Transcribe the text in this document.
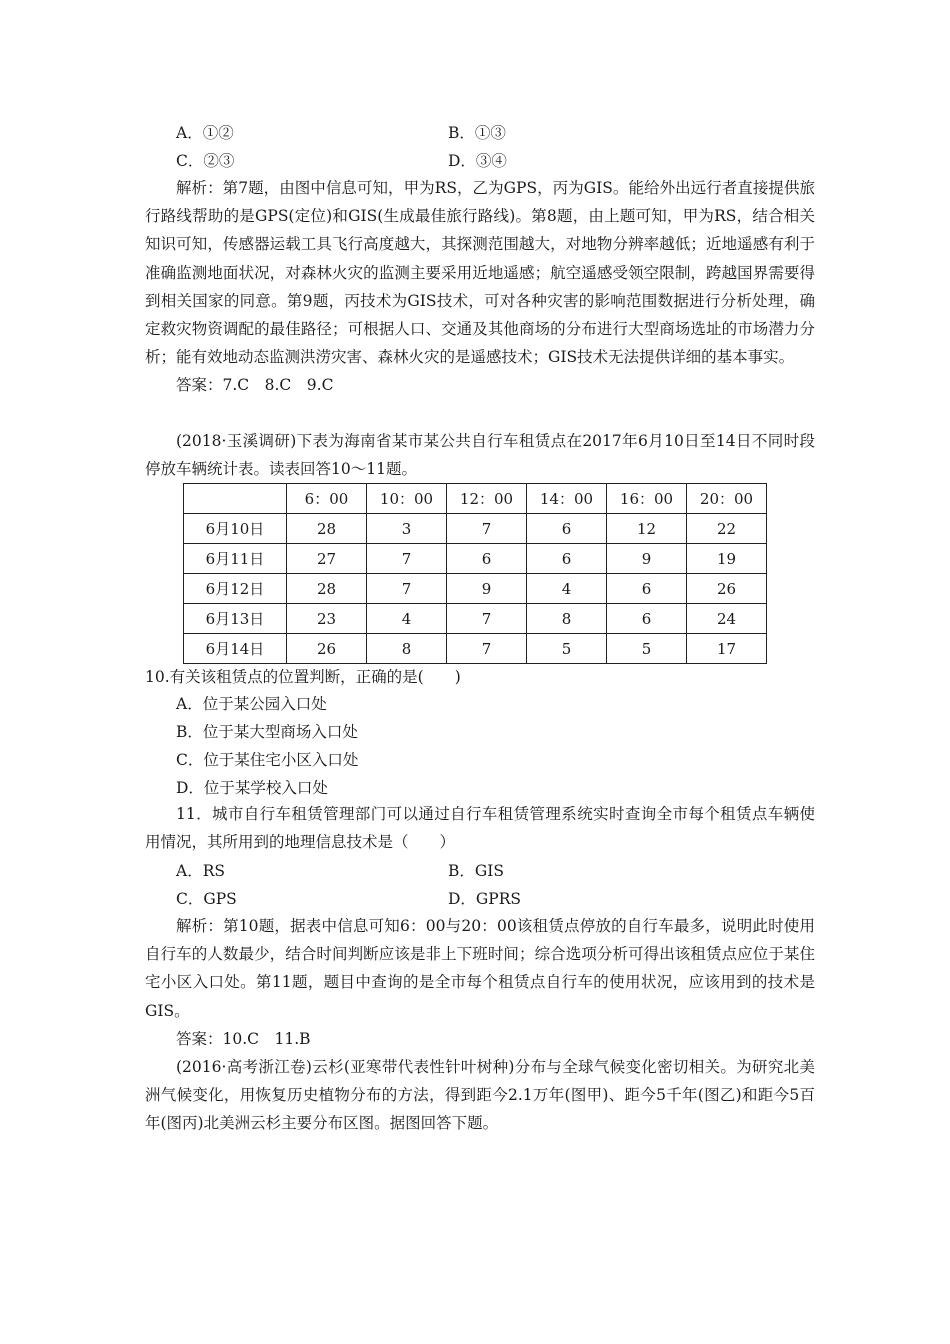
A．①②	B．①③
C．②③	D．③④

解析：第7题，由图中信息可知，甲为RS，乙为GPS，丙为GIS。能给外出远行者直接提供旅行路线帮助的是GPS(定位)和GIS(生成最佳旅行路线)。第8题，由上题可知，甲为RS，结合相关知识可知，传感器运载工具飞行高度越大，其探测范围越大，对地物分辨率越低；近地遥感有利于准确监测地面状况，对森林火灾的监测主要采用近地遥感；航空遥感受领空限制，跨越国界需要得到相关国家的同意。第9题，丙技术为GIS技术，可对各种灾害的影响范围数据进行分析处理，确定救灾物资调配的最佳路径；可根据人口、交通及其他商场的分布进行大型商场选址的市场潜力分析；能有效地动态监测洪涝灾害、森林火灾的是遥感技术；GIS技术无法提供详细的基本事实。

答案：7.C　8.C　9.C

(2018·玉溪调研)下表为海南省某市某公共自行车租赁点在2017年6月10日至14日不同时段停放车辆统计表。读表回答10～11题。

	6：00	10：00	12：00	14：00	16：00	20：00
6月10日	28	3	7	6	12	22
6月11日	27	7	6	6	9	19
6月12日	28	7	9	4	6	26
6月13日	23	4	7	8	6	24
6月14日	26	8	7	5	5	17
10.有关该租赁点的位置判断，正确的是(　　)
A．位于某公园入口处
B．位于某大型商场入口处
C．位于某住宅小区入口处
D．位于某学校入口处

11．城市自行车租赁管理部门可以通过自行车租赁管理系统实时查询全市每个租赁点车辆使用情况，其所用到的地理信息技术是（　　）

A．RS	B．GIS
C．GPS	D．GPRS

解析：第10题，据表中信息可知6：00与20：00该租赁点停放的自行车最多，说明此时使用自行车的人数最少，结合时间判断应该是非上下班时间；综合选项分析可得出该租赁点应位于某住宅小区入口处。第11题，题目中查询的是全市每个租赁点自行车的使用状况，应该用到的技术是GIS。

答案：10.C　11.B

(2016·高考浙江卷)云杉(亚寒带代表性针叶树种)分布与全球气候变化密切相关。为研究北美洲气候变化，用恢复历史植物分布的方法，得到距今2.1万年(图甲)、距今5千年(图乙)和距今5百年(图丙)北美洲云杉主要分布区图。据图回答下题。
